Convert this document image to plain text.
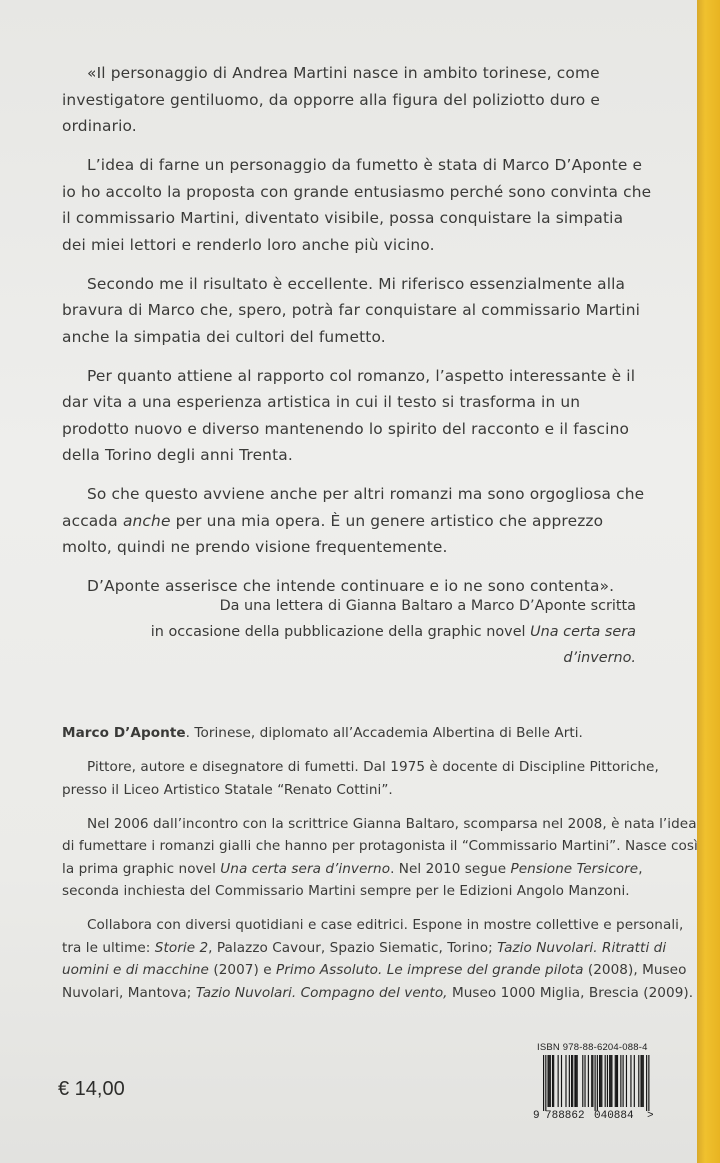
«Il personaggio di Andrea Martini nasce in ambito torinese, come investigatore gentiluomo, da opporre alla figura del poliziotto duro e ordinario.

L’idea di farne un personaggio da fumetto è stata di Marco D’Aponte e io ho accolto la proposta con grande entusiasmo perché sono convinta che il commissario Martini, diventato visibile, possa conquistare la simpatia dei miei lettori e renderlo loro anche più vicino.

Secondo me il risultato è eccellente. Mi riferisco essenzialmente alla bravura di Marco che, spero, potrà far conquistare al commissario Martini anche la simpatia dei cultori del fumetto.

Per quanto attiene al rapporto col romanzo, l’aspetto interessante è il dar vita a una esperienza artistica in cui il testo si trasforma in un prodotto nuovo e diverso mantenendo lo spirito del racconto e il fascino della Torino degli anni Trenta.

So che questo avviene anche per altri romanzi ma sono orgogliosa che accada anche per una mia opera. È un genere artistico che apprezzo molto, quindi ne prendo visione frequentemente.

D’Aponte asserisce che intende continuare e io ne sono contenta».

Da una lettera di Gianna Baltaro a Marco D’Aponte scritta
in occasione della pubblicazione della graphic novel Una certa sera d’inverno.

Marco D’Aponte. Torinese, diplomato all’Accademia Albertina di Belle Arti.

Pittore, autore e disegnatore di fumetti. Dal 1975 è docente di Discipline Pittoriche, presso il Liceo Artistico Statale “Renato Cottini”.

Nel 2006 dall’incontro con la scrittrice Gianna Baltaro, scomparsa nel 2008, è nata l’idea di fumettare i romanzi gialli che hanno per protagonista il “Commissario Martini”. Nasce così la prima graphic novel Una certa sera d’inverno. Nel 2010 segue Pensione Tersicore, seconda inchiesta del Commissario Martini sempre per le Edizioni Angolo Manzoni.

Collabora con diversi quotidiani e case editrici. Espone in mostre collettive e personali, tra le ultime: Storie 2, Palazzo Cavour, Spazio Siematic, Torino; Tazio Nuvolari. Ritratti di uomini e di macchine (2007) e Primo Assoluto. Le imprese del grande pilota (2008), Museo Nuvolari, Mantova; Tazio Nuvolari. Compagno del vento, Museo 1000 Miglia, Brescia (2009).

€ 14,00
ISBN 978-88-6204-088-4
9 788862 040884 >
